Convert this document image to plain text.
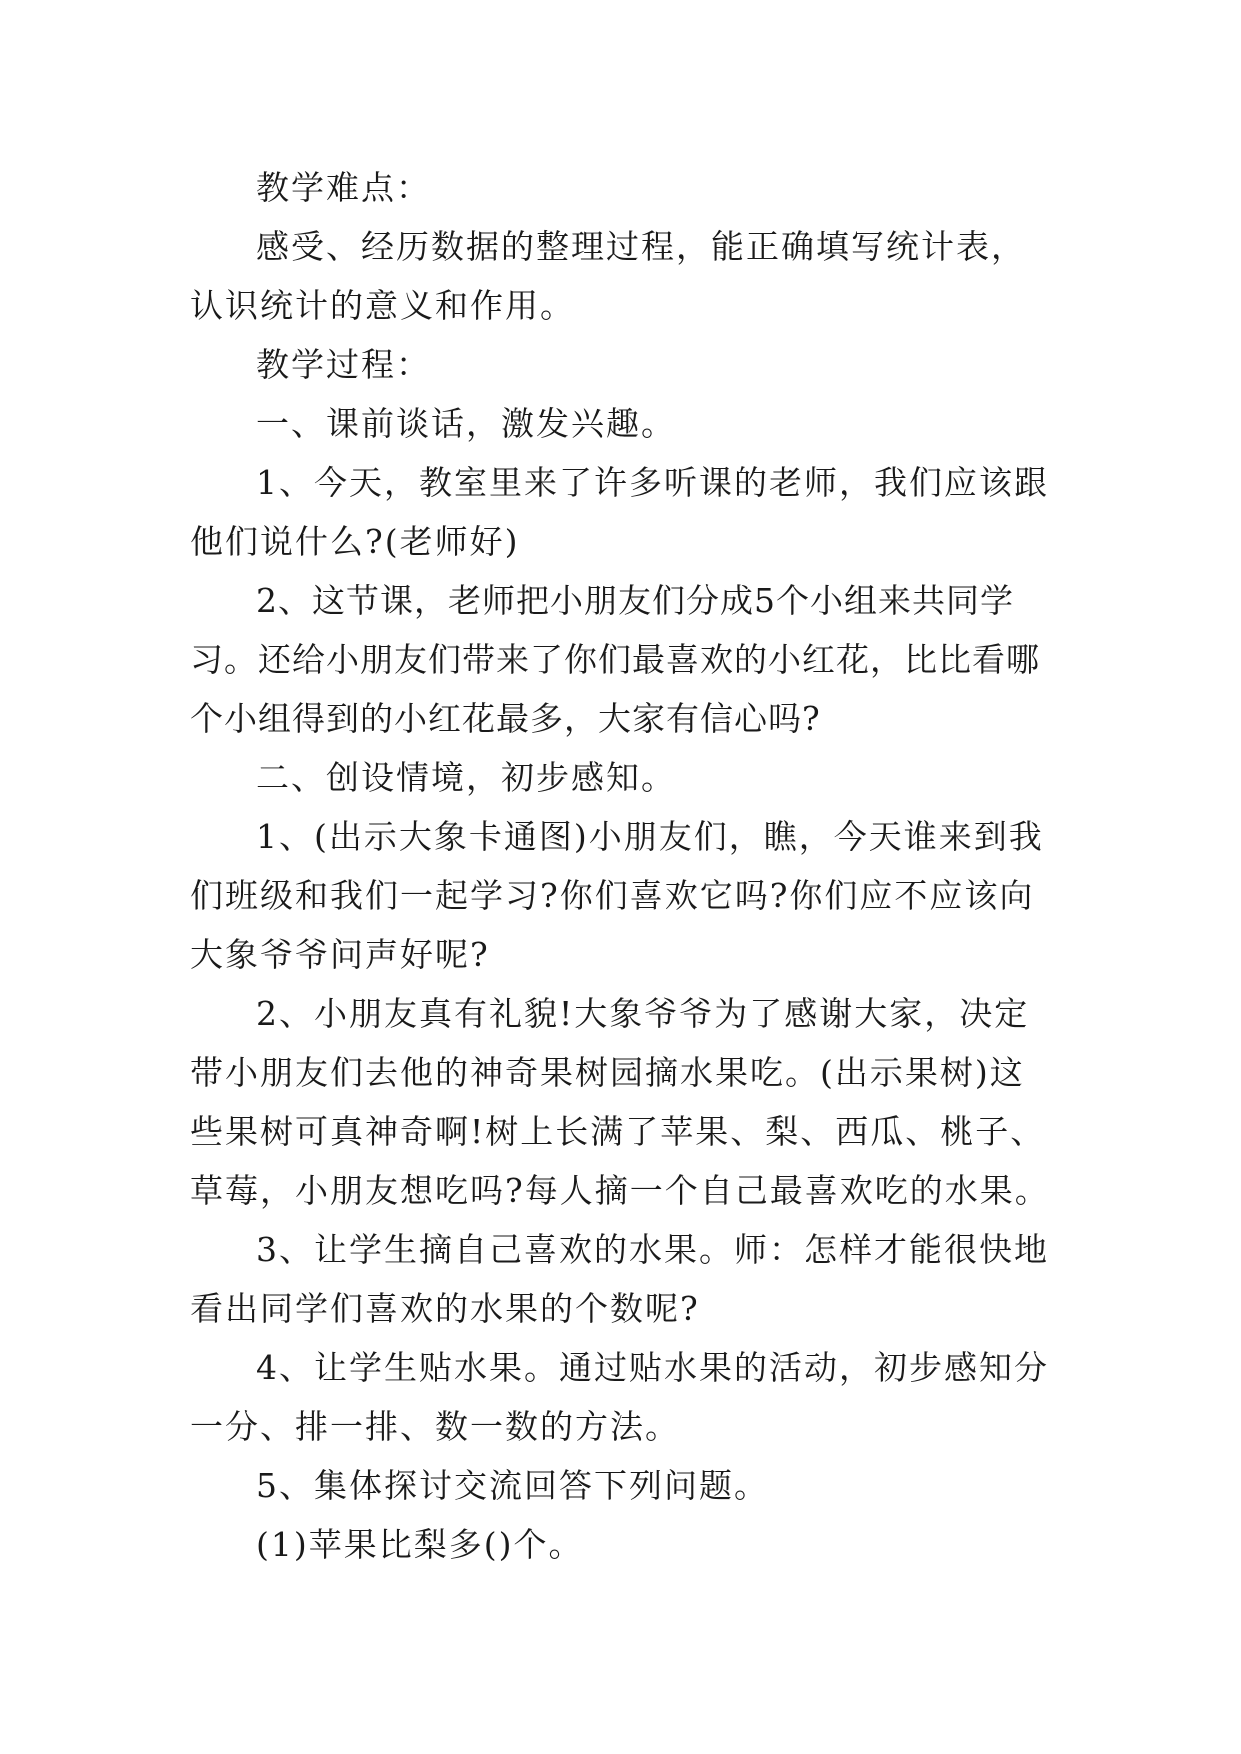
教学难点：

感受、经历数据的整理过程，能正确填写统计表，认识统计的意义和作用。

教学过程：

一、课前谈话，激发兴趣。

1、今天，教室里来了许多听课的老师，我们应该跟他们说什么?(老师好)

2、这节课，老师把小朋友们分成5个小组来共同学习。还给小朋友们带来了你们最喜欢的小红花，比比看哪个小组得到的小红花最多，大家有信心吗?

二、创设情境，初步感知。

1、(出示大象卡通图)小朋友们，瞧，今天谁来到我们班级和我们一起学习?你们喜欢它吗?你们应不应该向大象爷爷问声好呢?

2、小朋友真有礼貌!大象爷爷为了感谢大家，决定带小朋友们去他的神奇果树园摘水果吃。(出示果树)这些果树可真神奇啊!树上长满了苹果、梨、西瓜、桃子、草莓，小朋友想吃吗?每人摘一个自己最喜欢吃的水果。

3、让学生摘自己喜欢的水果。师：怎样才能很快地看出同学们喜欢的水果的个数呢?

4、让学生贴水果。通过贴水果的活动，初步感知分一分、排一排、数一数的方法。

5、集体探讨交流回答下列问题。

(1)苹果比梨多()个。
